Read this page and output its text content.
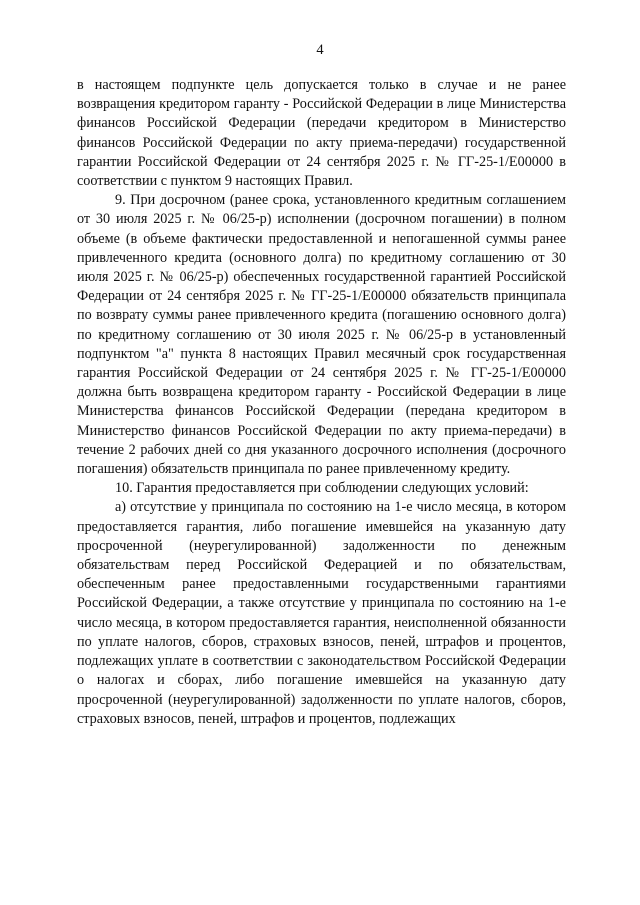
4

в настоящем подпункте цель допускается только в случае и не ранее возвращения кредитором гаранту - Российской Федерации в лице Министерства финансов Российской Федерации (передачи кредитором в Министерство финансов Российской Федерации по акту приема-передачи) государственной гарантии Российской Федерации от 24 сентября 2025 г. № ГГ-25-1/Е00000 в соответствии с пунктом 9 настоящих Правил.

9. При досрочном (ранее срока, установленного кредитным соглашением от 30 июля 2025 г. № 06/25-р) исполнении (досрочном погашении) в полном объеме (в объеме фактически предоставленной и непогашенной суммы ранее привлеченного кредита (основного долга) по кредитному соглашению от 30 июля 2025 г. № 06/25-р) обеспеченных государственной гарантией Российской Федерации от 24 сентября 2025 г. № ГГ-25-1/Е00000 обязательств принципала по возврату суммы ранее привлеченного кредита (погашению основного долга) по кредитному соглашению от 30 июля 2025 г. № 06/25-р в установленный подпунктом "а" пункта 8 настоящих Правил месячный срок государственная гарантия Российской Федерации от 24 сентября 2025 г. № ГГ-25-1/Е00000 должна быть возвращена кредитором гаранту - Российской Федерации в лице Министерства финансов Российской Федерации (передана кредитором в Министерство финансов Российской Федерации по акту приема-передачи) в течение 2 рабочих дней со дня указанного досрочного исполнения (досрочного погашения) обязательств принципала по ранее привлеченному кредиту.

10. Гарантия предоставляется при соблюдении следующих условий:

а) отсутствие у принципала по состоянию на 1-е число месяца, в котором предоставляется гарантия, либо погашение имевшейся на указанную дату просроченной (неурегулированной) задолженности по денежным обязательствам перед Российской Федерацией и по обязательствам, обеспеченным ранее предоставленными государственными гарантиями Российской Федерации, а также отсутствие у принципала по состоянию на 1-е число месяца, в котором предоставляется гарантия, неисполненной обязанности по уплате налогов, сборов, страховых взносов, пеней, штрафов и процентов, подлежащих уплате в соответствии с законодательством Российской Федерации о налогах и сборах, либо погашение имевшейся на указанную дату просроченной (неурегулированной) задолженности по уплате налогов, сборов, страховых взносов, пеней, штрафов и процентов, подлежащих
